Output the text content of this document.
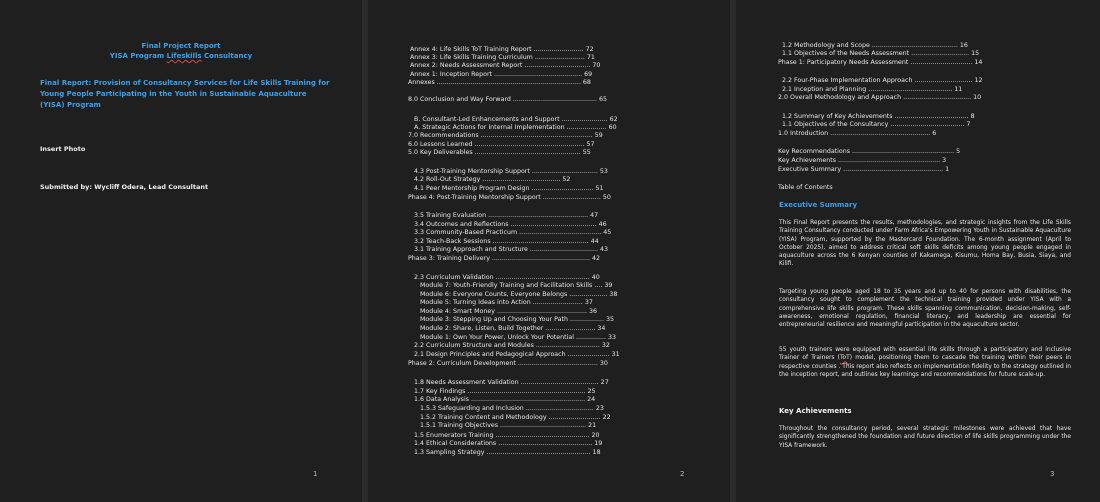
Final Project Report
YISA Program Lifeskills Consultancy
Final Report: Provision of Consultancy Services for Life Skills Training for Young People Participating in the Youth in Sustainable Aquaculture (YISA) Program
Insert Photo
Submitted by: Wycliff Odera, Lead Consultant
1
Annex 4: Life Skills ToT Training Report ......................... 72
Annex 3: Life Skills Training Curriculum ......................... 71
Annex 2: Needs Assessment Report ................................. 70
Annex 1: Inception Report ............................................ 69
Annexes ........................................................................ 68
8.0 Conclusion and Way Forward .......................................... 65
B. Consultant-Led Enhancements and Support ....................... 62
A. Strategic Actions for Internal Implementation .................... 60
7.0 Recommendations ........................................................ 59
6.0 Lessons Learned ....................................................... 57
5.0 Key Deliverables ..................................................... 55
4.3 Post-Training Mentorship Support ................................. 53
4.2 Roll-Out Strategy ....................................... 52
4.1 Peer Mentorship Program Design ............................... 51
Phase 4: Post-Training Mentorship Support ............................. 50
3.5 Training Evaluation .................................................. 47
3.4 Outcomes and Reflections ........................................... 46
3.3 Community-Based Practicum ......................................... 45
3.2 Teach-Back Sessions ................................................ 44
3.1 Training Approach and Structure .................................. 43
Phase 3: Training Delivery ................................................. 42
2.3 Curriculum Validation ............................................... 40
Module 7: Youth-Friendly Training and Facilitation Skills .... 39
Module 6: Everyone Counts, Everyone Belongs ................... 38
Module 5: Turning Ideas into Action ......................... 37
Module 4: Smart Money ............................................. 36
Module 3: Stepping Up and Choosing Your Path ................. 35
Module 2: Share, Listen, Build Together ......................... 34
Module 1: Own Your Power, Unlock Your Potential ............... 33
2.2 Curriculum Structure and Modules ................................ 32
2.1 Design Principles and Pedagogical Approach ..................... 31
Phase 2: Curriculum Development ........................................ 30
1.8 Needs Assessment Validation ....................................... 27
1.7 Key Findings ........................................................... 25
1.6 Data Analysis ......................................................... 24
1.5.3 Safeguarding and Inclusion .................................. 23
1.5.2 Training Content and Methodology .......................... 22
1.5.1 Training Objectives ........................................... 21
1.5 Enumerators Training ............................................... 20
1.4 Ethical Considerations ............................................... 19
1.3 Sampling Strategy .................................................... 18
2
1.2 Methodology and Scope ........................................... 16
1.1 Objectives of the Needs Assessment ............................. 15
Phase 1: Participatory Needs Assessment ............................... 14
2.2 Four-Phase Implementation Approach ............................. 12
2.1 Inception and Planning .......................................... 11
2.0 Overall Methodology and Approach .................................. 10
1.2 Summary of Key Achievements ..................................... 8
1.1 Objectives of the Consultancy ..................................... 7
1.0 Introduction .................................................. 6
Key Recommendations ................................................... 5
Key Achievements ................................................... 3
Executive Summary .................................................. 1
Table of Contents
Executive Summary
This Final Report presents the results, methodologies, and strategic insights from the Life Skills Training Consultancy conducted under Farm Africa's Empowering Youth in Sustainable Aquaculture (YISA) Program, supported by the Mastercard Foundation. The 6-month assignment (April to October 2025), aimed to address critical soft skills deficits among young people engaged in aquaculture across the 6 Kenyan counties of Kakamega, Kisumu, Homa Bay, Busia, Siaya, and Kilifi.
Targeting young people aged 18 to 35 years and up to 40 for persons with disabilities, the consultancy sought to complement the technical training provided under YISA with a comprehensive life skills program. These skills spanning communication, decision-making, self-awareness, emotional regulation, financial literacy, and leadership are essential for entrepreneurial resilience and meaningful participation in the aquaculture sector.
55 youth trainers were equipped with essential life skills through a participatory and inclusive Trainer of Trainers (ToT) model, positioning them to cascade the training within their peers in respective counties . This report also reflects on implementation fidelity to the strategy outlined in the inception report, and outlines key learnings and recommendations for future scale-up.
Key Achievements
Throughout the consultancy period, several strategic milestones were achieved that have significantly strengthened the foundation and future direction of life skills programming under the YISA framework.
3
